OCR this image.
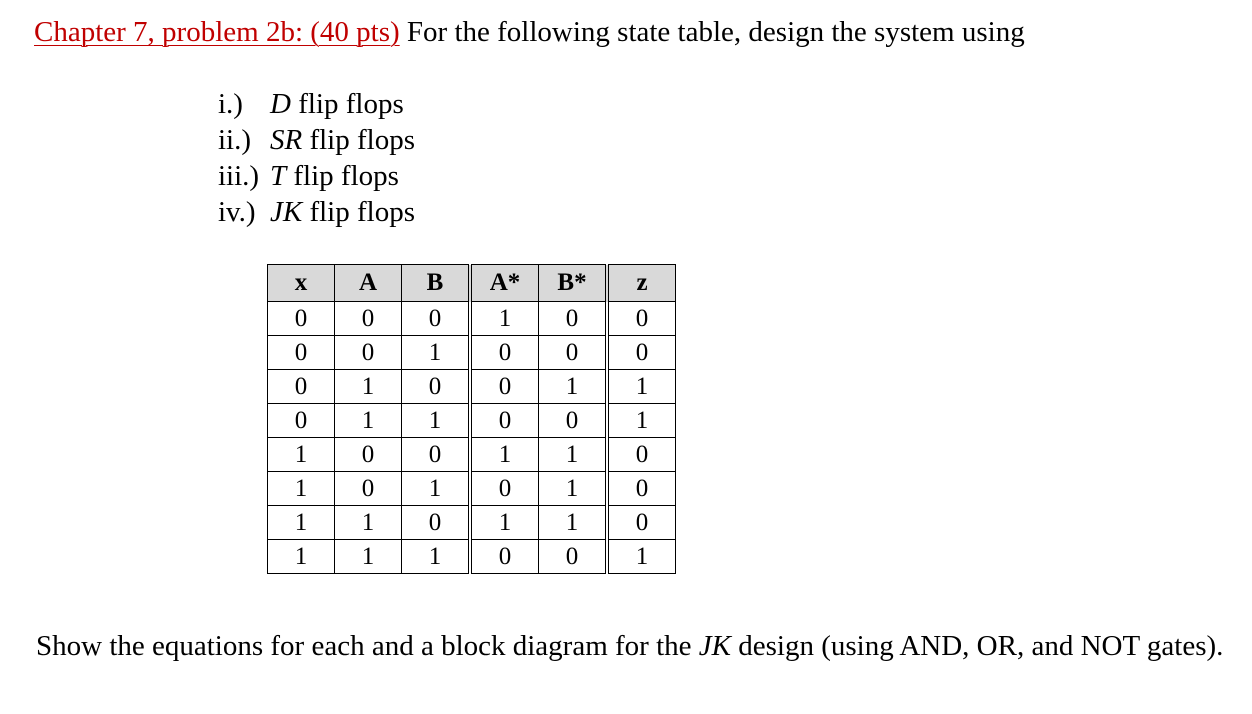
Chapter 7, problem 2b: (40 pts) For the following state table, design the system using
i.) D flip flops
ii.) SR flip flops
iii.) T flip flops
iv.) JK flip flops
x	A	B	A*	B*	z
0	0	0	1	0	0
0	0	1	0	0	0
0	1	0	0	1	1
0	1	1	0	0	1
1	0	0	1	1	0
1	0	1	0	1	0
1	1	0	1	1	0
1	1	1	0	0	1
Show the equations for each and a block diagram for the JK design (using AND, OR, and NOT gates).
